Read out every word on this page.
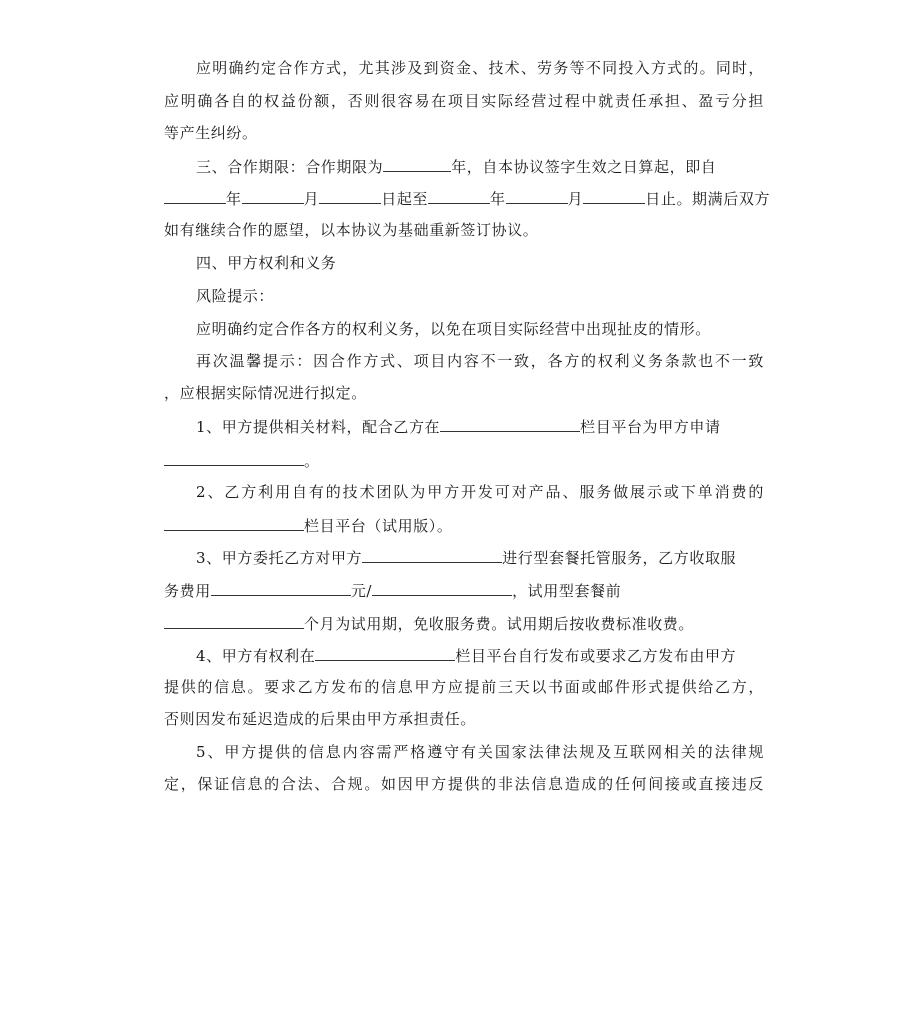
应明确约定合作方式，尤其涉及到资金、技术、劳务等不同投入方式的。同时，
应明确各自的权益份额，否则很容易在项目实际经营过程中就责任承担、盈亏分担
等产生纠纷。
三、合作期限：合作期限为	年，自本协议签字生效之日算起，即自
年	月	日起至	年	月	日止。期满后双方
如有继续合作的愿望，以本协议为基础重新签订协议。
四、甲方权利和义务
风险提示：
应明确约定合作各方的权利义务，以免在项目实际经营中出现扯皮的情形。
再次温馨提示：因合作方式、项目内容不一致，各方的权利义务条款也不一致
，应根据实际情况进行拟定。
1、甲方提供相关材料，配合乙方在	栏目平台为甲方申请
。
2、乙方利用自有的技术团队为甲方开发可对产品、服务做展示或下单消费的
栏目平台（试用版）。
3、甲方委托乙方对甲方	进行型套餐托管服务，乙方收取服
务费用	元/	，试用型套餐前
个月为试用期，免收服务费。试用期后按收费标准收费。
4、甲方有权利在	栏目平台自行发布或要求乙方发布由甲方
提供的信息。要求乙方发布的信息甲方应提前三天以书面或邮件形式提供给乙方，
否则因发布延迟造成的后果由甲方承担责任。
5、甲方提供的信息内容需严格遵守有关国家法律法规及互联网相关的法律规
定，保证信息的合法、合规。如因甲方提供的非法信息造成的任何间接或直接违反
